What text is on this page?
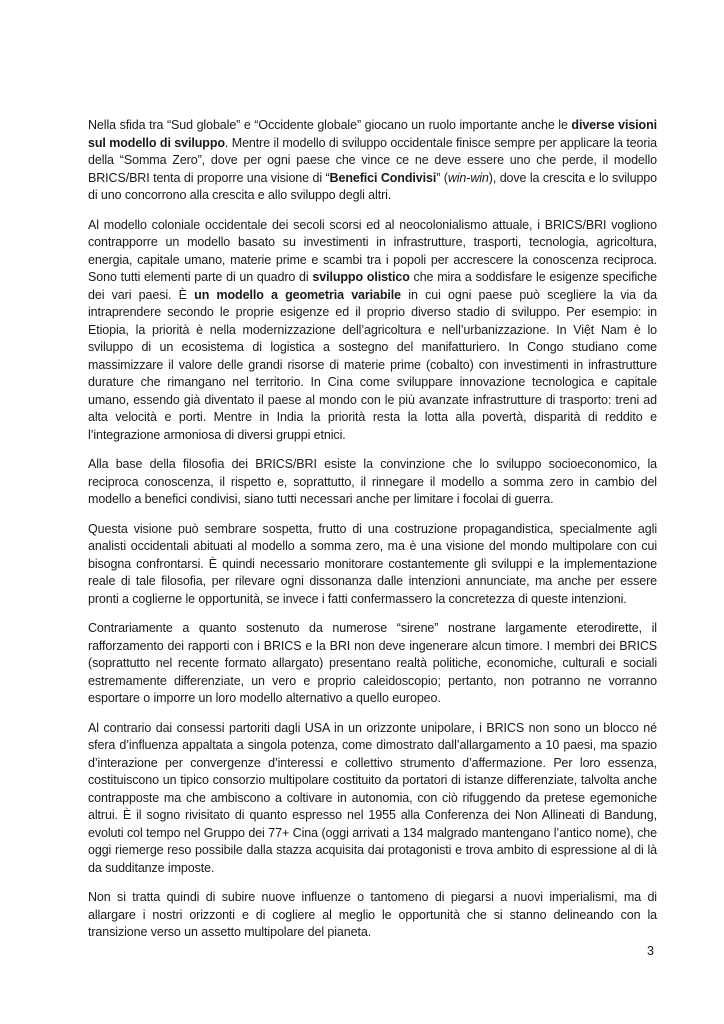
Nella sfida tra “Sud globale” e “Occidente globale” giocano un ruolo importante anche le diverse visioni sul modello di sviluppo. Mentre il modello di sviluppo occidentale finisce sempre per applicare la teoria della “Somma Zero”, dove per ogni paese che vince ce ne deve essere uno che perde, il modello BRICS/BRI tenta di proporre una visione di “Benefici Condivisi” (win-win), dove la crescita e lo sviluppo di uno concorrono alla crescita e allo sviluppo degli altri.

Al modello coloniale occidentale dei secoli scorsi ed al neocolonialismo attuale, i BRICS/BRI vogliono contrapporre un modello basato su investimenti in infrastrutture, trasporti, tecnologia, agricoltura, energia, capitale umano, materie prime e scambi tra i popoli per accrescere la conoscenza reciproca. Sono tutti elementi parte di un quadro di sviluppo olistico che mira a soddisfare le esigenze specifiche dei vari paesi. È un modello a geometria variabile in cui ogni paese può scegliere la via da intraprendere secondo le proprie esigenze ed il proprio diverso stadio di sviluppo. Per esempio: in Etiopia, la priorità è nella modernizzazione dell’agricoltura e nell’urbanizzazione. In Việt Nam è lo sviluppo di un ecosistema di logistica a sostegno del manifatturiero. In Congo studiano come massimizzare il valore delle grandi risorse di materie prime (cobalto) con investimenti in infrastrutture durature che rimangano nel territorio. In Cina come sviluppare innovazione tecnologica e capitale umano, essendo già diventato il paese al mondo con le più avanzate infrastrutture di trasporto: treni ad alta velocità e porti. Mentre in India la priorità resta la lotta alla povertà, disparità di reddito e l’integrazione armoniosa di diversi gruppi etnici.

Alla base della filosofia dei BRICS/BRI esiste la convinzione che lo sviluppo socioeconomico, la reciproca conoscenza, il rispetto e, soprattutto, il rinnegare il modello a somma zero in cambio del modello a benefici condivisi, siano tutti necessari anche per limitare i focolai di guerra.

Questa visione può sembrare sospetta, frutto di una costruzione propagandistica, specialmente agli analisti occidentali abituati al modello a somma zero, ma è una visione del mondo multipolare con cui bisogna confrontarsi. È quindi necessario monitorare costantemente gli sviluppi e la implementazione reale di tale filosofia, per rilevare ogni dissonanza dalle intenzioni annunciate, ma anche per essere pronti a coglierne le opportunità, se invece i fatti confermassero la concretezza di queste intenzioni.

Contrariamente a quanto sostenuto da numerose “sirene” nostrane largamente eterodirette, il rafforzamento dei rapporti con i BRICS e la BRI non deve ingenerare alcun timore. I membri dei BRICS (soprattutto nel recente formato allargato) presentano realtà politiche, economiche, culturali e sociali estremamente differenziate, un vero e proprio caleidoscopio; pertanto, non potranno ne vorranno esportare o imporre un loro modello alternativo a quello europeo.

Al contrario dai consessi partoriti dagli USA in un orizzonte unipolare, i BRICS non sono un blocco né sfera d’influenza appaltata a singola potenza, come dimostrato dall’allargamento a 10 paesi, ma spazio d’interazione per convergenze d’interessi e collettivo strumento d’affermazione. Per loro essenza, costituiscono un tipico consorzio multipolare costituito da portatori di istanze differenziate, talvolta anche contrapposte ma che ambiscono a coltivare in autonomia, con ciò rifuggendo da pretese egemoniche altrui. È il sogno rivisitato di quanto espresso nel 1955 alla Conferenza dei Non Allineati di Bandung, evoluti col tempo nel Gruppo dei 77+ Cina (oggi arrivati a 134 malgrado mantengano l’antico nome), che oggi riemerge reso possibile dalla stazza acquisita dai protagonisti e trova ambito di espressione al di là da sudditanze imposte.

Non si tratta quindi di subire nuove influenze o tantomeno di piegarsi a nuovi imperialismi, ma di allargare i nostri orizzonti e di cogliere al meglio le opportunità che si stanno delineando con la transizione verso un assetto multipolare del pianeta.

3
